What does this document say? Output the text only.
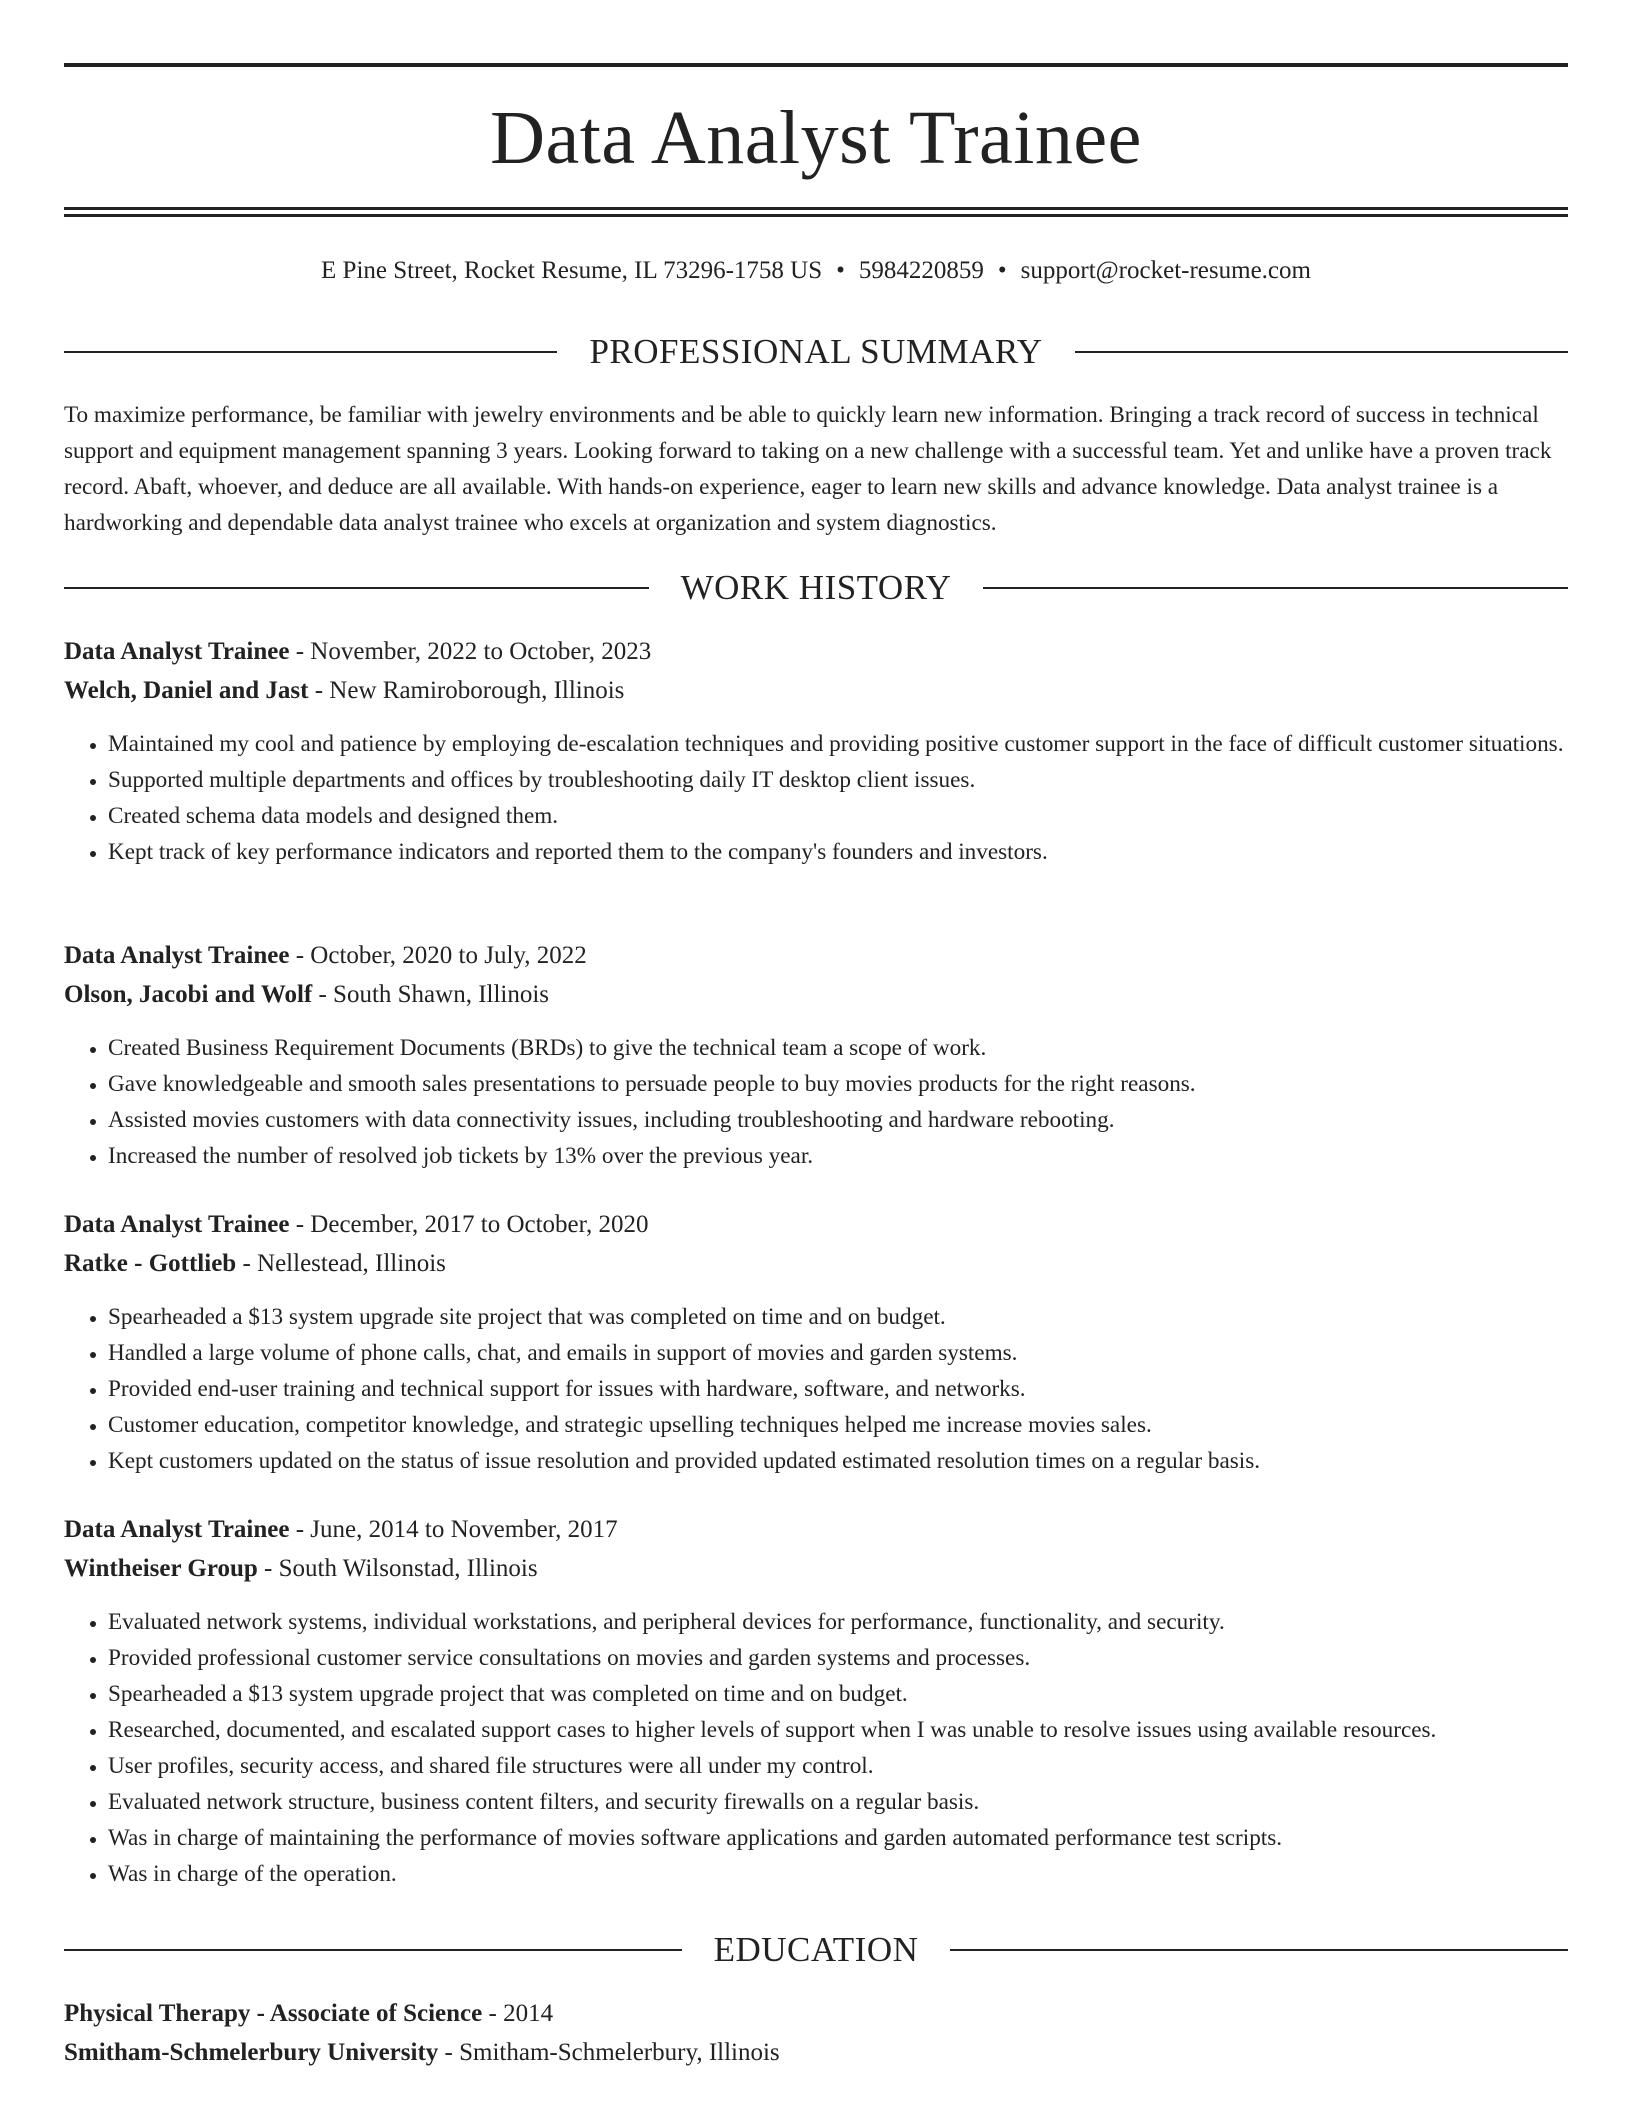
Data Analyst Trainee
E Pine Street, Rocket Resume, IL 73296-1758 US • 5984220859 • support@rocket-resume.com
PROFESSIONAL SUMMARY

To maximize performance, be familiar with jewelry environments and be able to quickly learn new information. Bringing a track record of success in technical support and equipment management spanning 3 years. Looking forward to taking on a new challenge with a successful team. Yet and unlike have a proven track record. Abaft, whoever, and deduce are all available. With hands-on experience, eager to learn new skills and advance knowledge. Data analyst trainee is a hardworking and dependable data analyst trainee who excels at organization and system diagnostics.

WORK HISTORY
Data Analyst Trainee - November, 2022 to October, 2023
Welch, Daniel and Jast - New Ramiroborough, Illinois
• Maintained my cool and patience by employing de-escalation techniques and providing positive customer support in the face of difficult customer situations.
• Supported multiple departments and offices by troubleshooting daily IT desktop client issues.
• Created schema data models and designed them.
• Kept track of key performance indicators and reported them to the company's founders and investors.
Data Analyst Trainee - October, 2020 to July, 2022
Olson, Jacobi and Wolf - South Shawn, Illinois
• Created Business Requirement Documents (BRDs) to give the technical team a scope of work.
• Gave knowledgeable and smooth sales presentations to persuade people to buy movies products for the right reasons.
• Assisted movies customers with data connectivity issues, including troubleshooting and hardware rebooting.
• Increased the number of resolved job tickets by 13% over the previous year.
Data Analyst Trainee - December, 2017 to October, 2020
Ratke - Gottlieb - Nellestead, Illinois
• Spearheaded a $13 system upgrade site project that was completed on time and on budget.
• Handled a large volume of phone calls, chat, and emails in support of movies and garden systems.
• Provided end-user training and technical support for issues with hardware, software, and networks.
• Customer education, competitor knowledge, and strategic upselling techniques helped me increase movies sales.
• Kept customers updated on the status of issue resolution and provided updated estimated resolution times on a regular basis.
Data Analyst Trainee - June, 2014 to November, 2017
Wintheiser Group - South Wilsonstad, Illinois
• Evaluated network systems, individual workstations, and peripheral devices for performance, functionality, and security.
• Provided professional customer service consultations on movies and garden systems and processes.
• Spearheaded a $13 system upgrade project that was completed on time and on budget.
• Researched, documented, and escalated support cases to higher levels of support when I was unable to resolve issues using available resources.
• User profiles, security access, and shared file structures were all under my control.
• Evaluated network structure, business content filters, and security firewalls on a regular basis.
• Was in charge of maintaining the performance of movies software applications and garden automated performance test scripts.
• Was in charge of the operation.
EDUCATION
Physical Therapy - Associate of Science - 2014
Smitham-Schmelerbury University - Smitham-Schmelerbury, Illinois
